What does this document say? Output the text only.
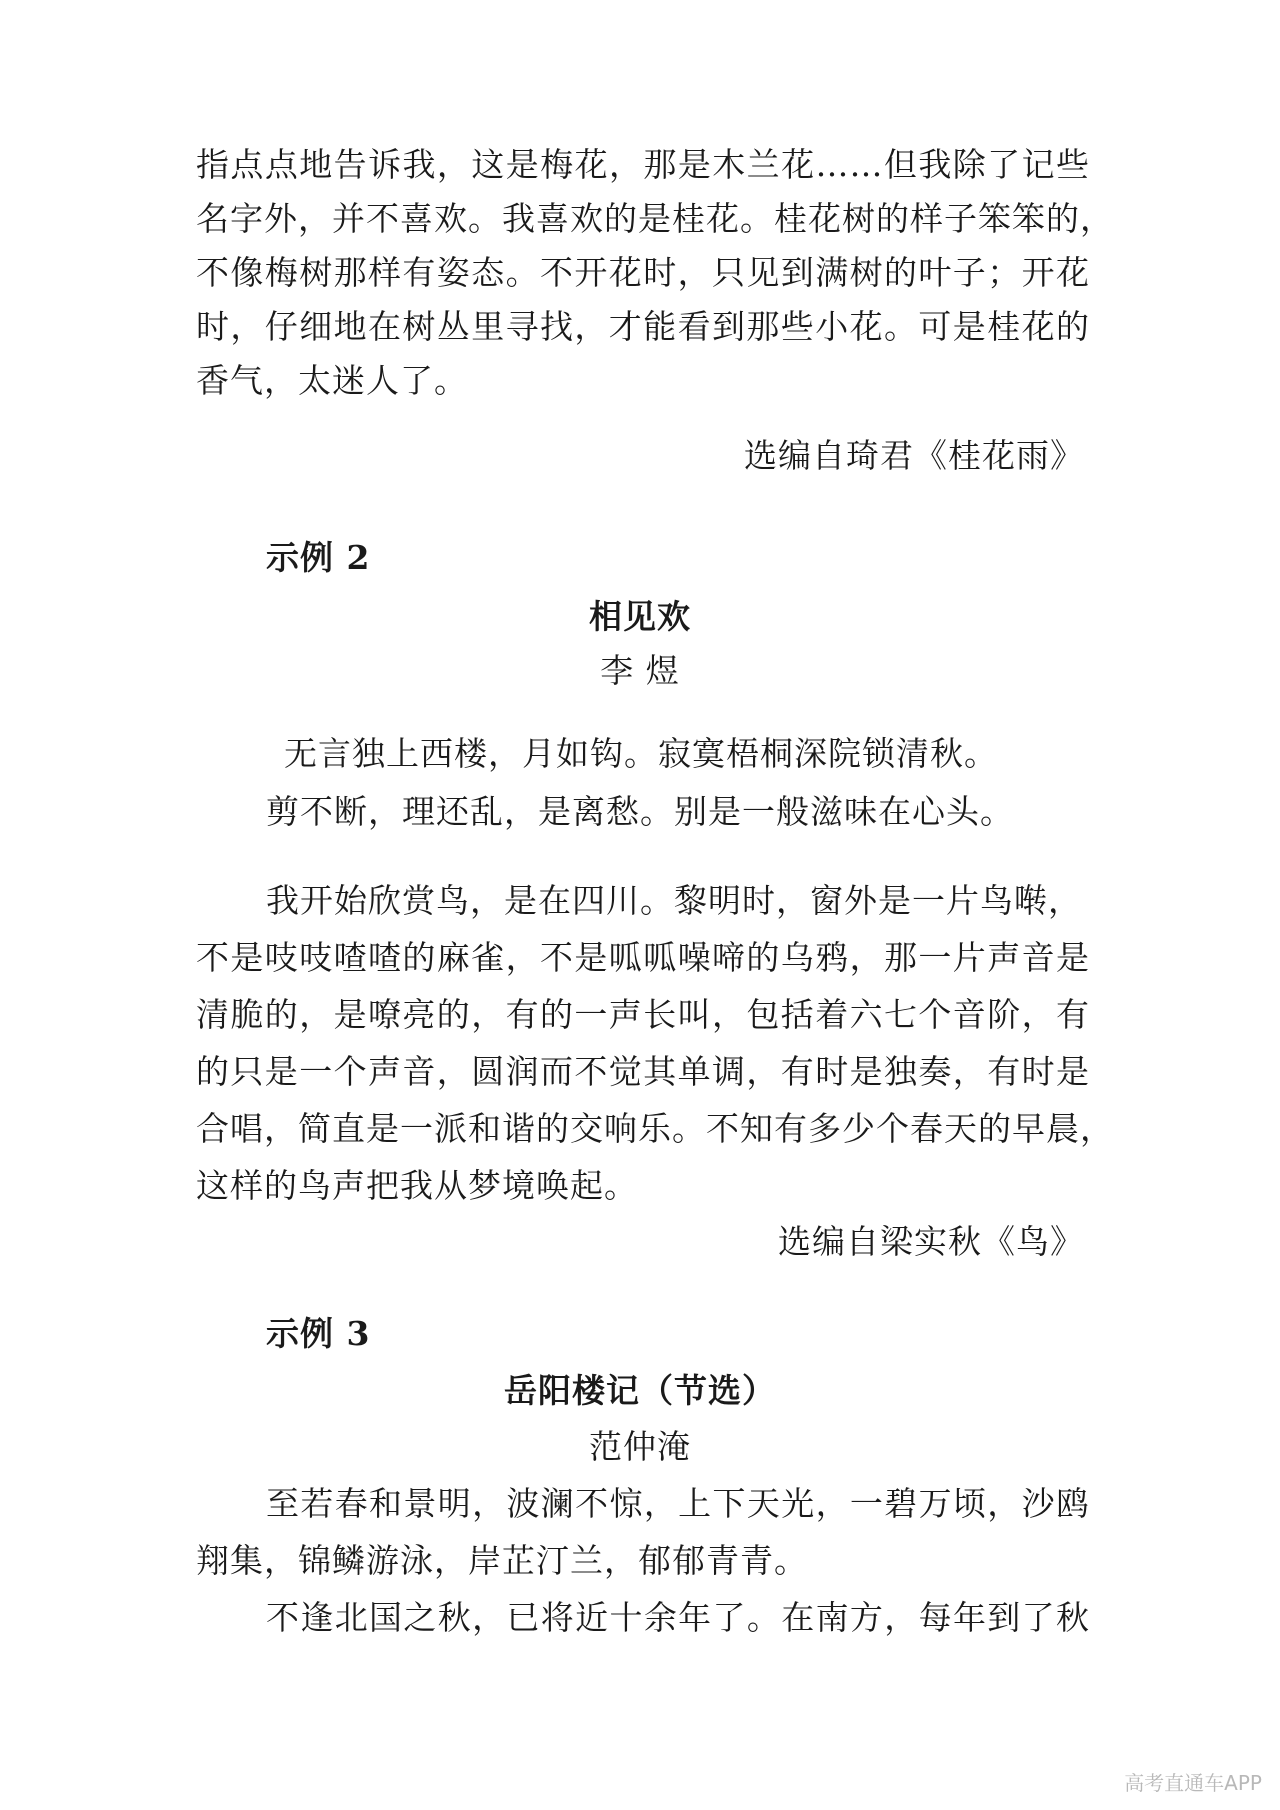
指点点地告诉我，这是梅花，那是木兰花……但我除了记些
名字外，并不喜欢。我喜欢的是桂花。桂花树的样子笨笨的，
不像梅树那样有姿态。不开花时，只见到满树的叶子；开花
时，仔细地在树丛里寻找，才能看到那些小花。可是桂花的
香气，太迷人了。
选编自琦君《桂花雨》
示例 2
相见欢
李 煜
无言独上西楼，月如钩。寂寞梧桐深院锁清秋。
剪不断，理还乱，是离愁。别是一般滋味在心头。
我开始欣赏鸟，是在四川。黎明时，窗外是一片鸟啭，
不是吱吱喳喳的麻雀，不是呱呱噪啼的乌鸦，那一片声音是
清脆的，是嘹亮的，有的一声长叫，包括着六七个音阶，有
的只是一个声音，圆润而不觉其单调，有时是独奏，有时是
合唱，简直是一派和谐的交响乐。不知有多少个春天的早晨，
这样的鸟声把我从梦境唤起。
选编自梁实秋《鸟》
示例 3
岳阳楼记（节选）
范仲淹
至若春和景明，波澜不惊，上下天光，一碧万顷，沙鸥
翔集，锦鳞游泳，岸芷汀兰，郁郁青青。
不逢北国之秋，已将近十余年了。在南方，每年到了秋
高考直通车APP
